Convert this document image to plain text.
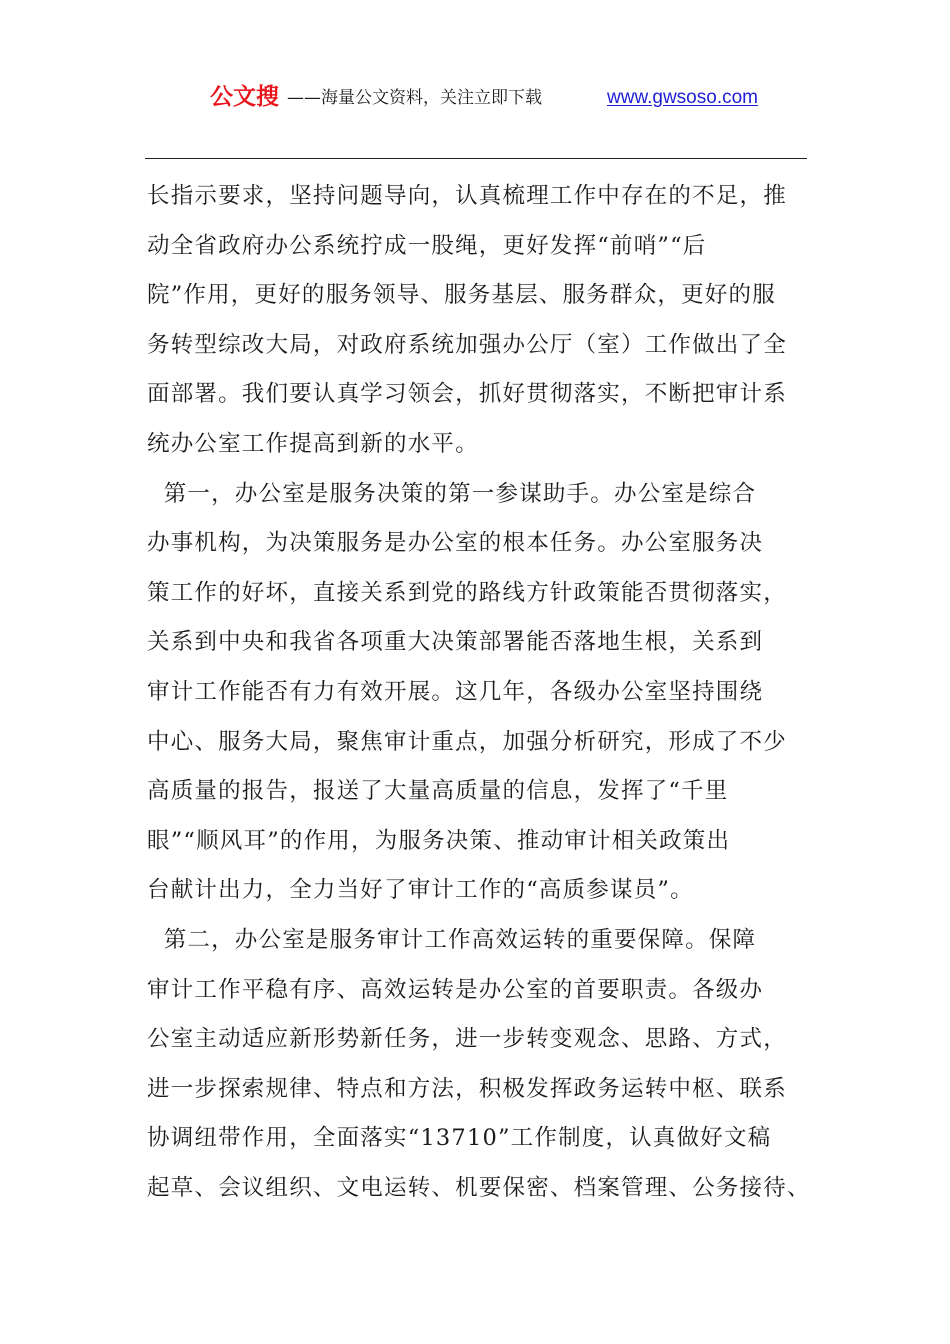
公文搜 ——海量公文资料，关注立即下载	www.gwsoso.com
长指示要求，坚持问题导向，认真梳理工作中存在的不足，推
动全省政府办公系统拧成一股绳，更好发挥“前哨”“后
院”作用，更好的服务领导、服务基层、服务群众，更好的服
务转型综改大局，对政府系统加强办公厅（室）工作做出了全
面部署。我们要认真学习领会，抓好贯彻落实，不断把审计系
统办公室工作提高到新的水平。
第一，办公室是服务决策的第一参谋助手。办公室是综合
办事机构，为决策服务是办公室的根本任务。办公室服务决
策工作的好坏，直接关系到党的路线方针政策能否贯彻落实，
关系到中央和我省各项重大决策部署能否落地生根，关系到
审计工作能否有力有效开展。这几年，各级办公室坚持围绕
中心、服务大局，聚焦审计重点，加强分析研究，形成了不少
高质量的报告，报送了大量高质量的信息，发挥了“千里
眼”“顺风耳”的作用，为服务决策、推动审计相关政策出
台献计出力，全力当好了审计工作的“高质参谋员”。
第二，办公室是服务审计工作高效运转的重要保障。保障
审计工作平稳有序、高效运转是办公室的首要职责。各级办
公室主动适应新形势新任务，进一步转变观念、思路、方式，
进一步探索规律、特点和方法，积极发挥政务运转中枢、联系
协调纽带作用，全面落实“13710”工作制度，认真做好文稿
起草、会议组织、文电运转、机要保密、档案管理、公务接待、
